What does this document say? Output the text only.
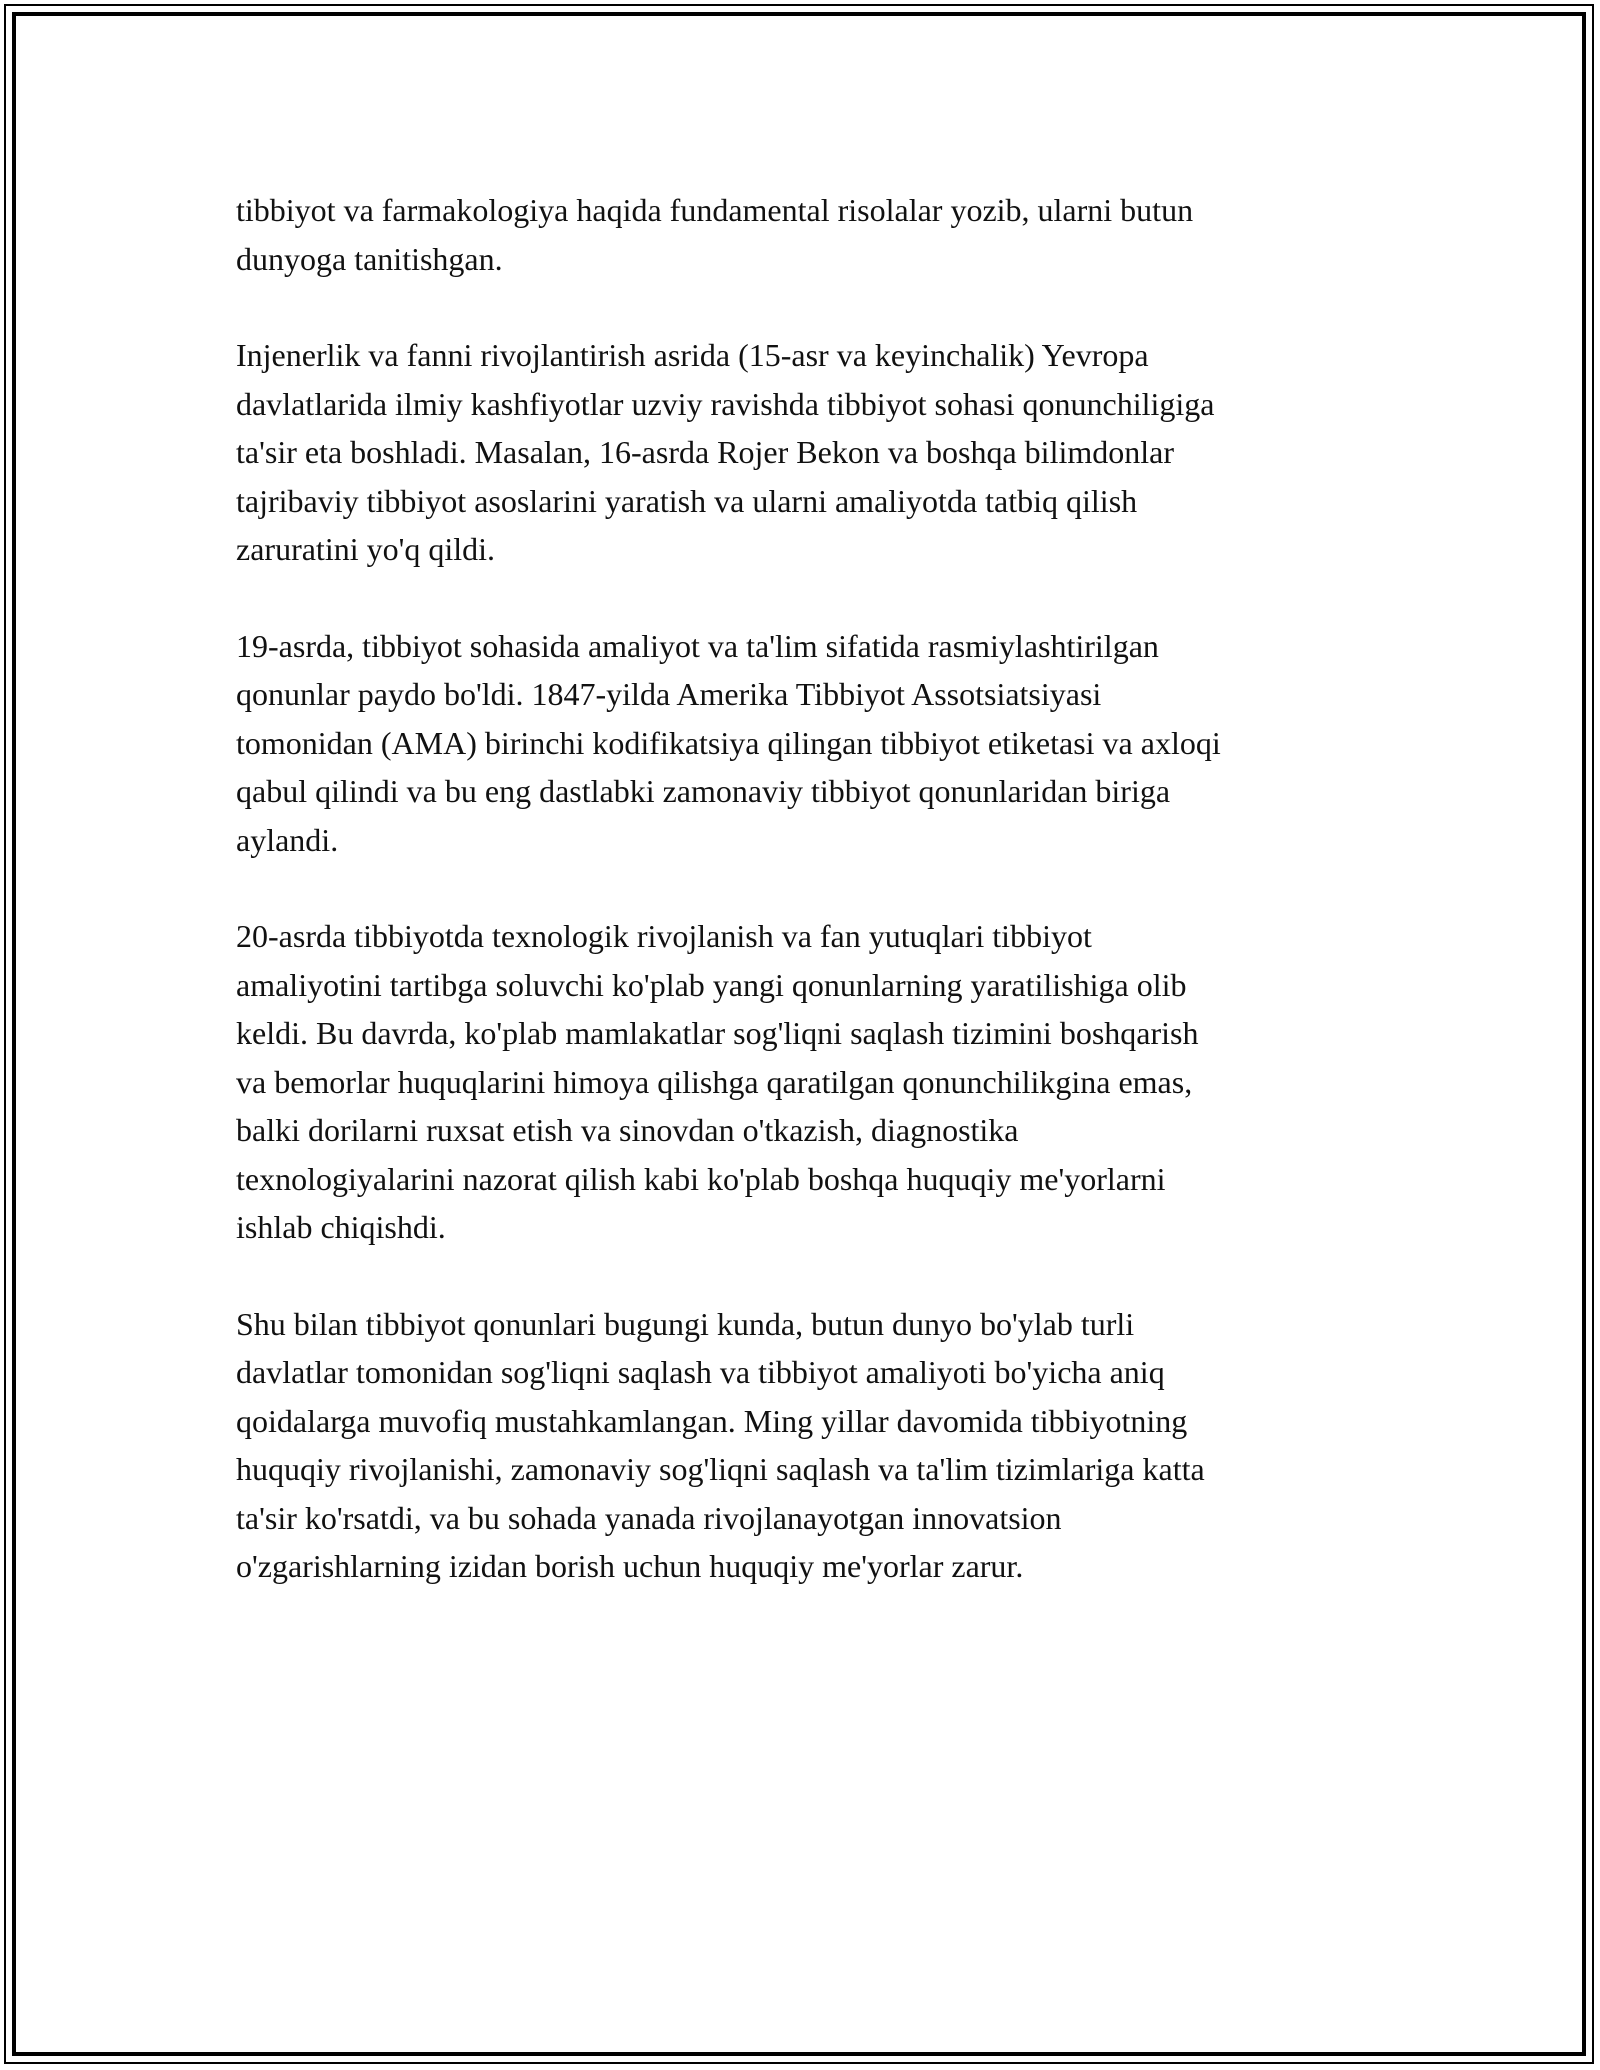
tibbiyot va farmakologiya haqida fundamental risolalar yozib, ularni butun
dunyoga tanitishgan.

Injenerlik va fanni rivojlantirish asrida (15-asr va keyinchalik) Yevropa
davlatlarida ilmiy kashfiyotlar uzviy ravishda tibbiyot sohasi qonunchiligiga
ta'sir eta boshladi. Masalan, 16-asrda Rojer Bekon va boshqa bilimdonlar
tajribaviy tibbiyot asoslarini yaratish va ularni amaliyotda tatbiq qilish
zaruratini yo'q qildi.

19-asrda, tibbiyot sohasida amaliyot va ta'lim sifatida rasmiylashtirilgan
qonunlar paydo bo'ldi. 1847-yilda Amerika Tibbiyot Assotsiatsiyasi
tomonidan (AMA) birinchi kodifikatsiya qilingan tibbiyot etiketasi va axloqi
qabul qilindi va bu eng dastlabki zamonaviy tibbiyot qonunlaridan biriga
aylandi.

20-asrda tibbiyotda texnologik rivojlanish va fan yutuqlari tibbiyot
amaliyotini tartibga soluvchi ko'plab yangi qonunlarning yaratilishiga olib
keldi. Bu davrda, ko'plab mamlakatlar sog'liqni saqlash tizimini boshqarish
va bemorlar huquqlarini himoya qilishga qaratilgan qonunchilikgina emas,
balki dorilarni ruxsat etish va sinovdan o'tkazish, diagnostika
texnologiyalarini nazorat qilish kabi ko'plab boshqa huquqiy me'yorlarni
ishlab chiqishdi.

Shu bilan tibbiyot qonunlari bugungi kunda, butun dunyo bo'ylab turli
davlatlar tomonidan sog'liqni saqlash va tibbiyot amaliyoti bo'yicha aniq
qoidalarga muvofiq mustahkamlangan. Ming yillar davomida tibbiyotning
huquqiy rivojlanishi, zamonaviy sog'liqni saqlash va ta'lim tizimlariga katta
ta'sir ko'rsatdi, va bu sohada yanada rivojlanayotgan innovatsion
o'zgarishlarning izidan borish uchun huquqiy me'yorlar zarur.
